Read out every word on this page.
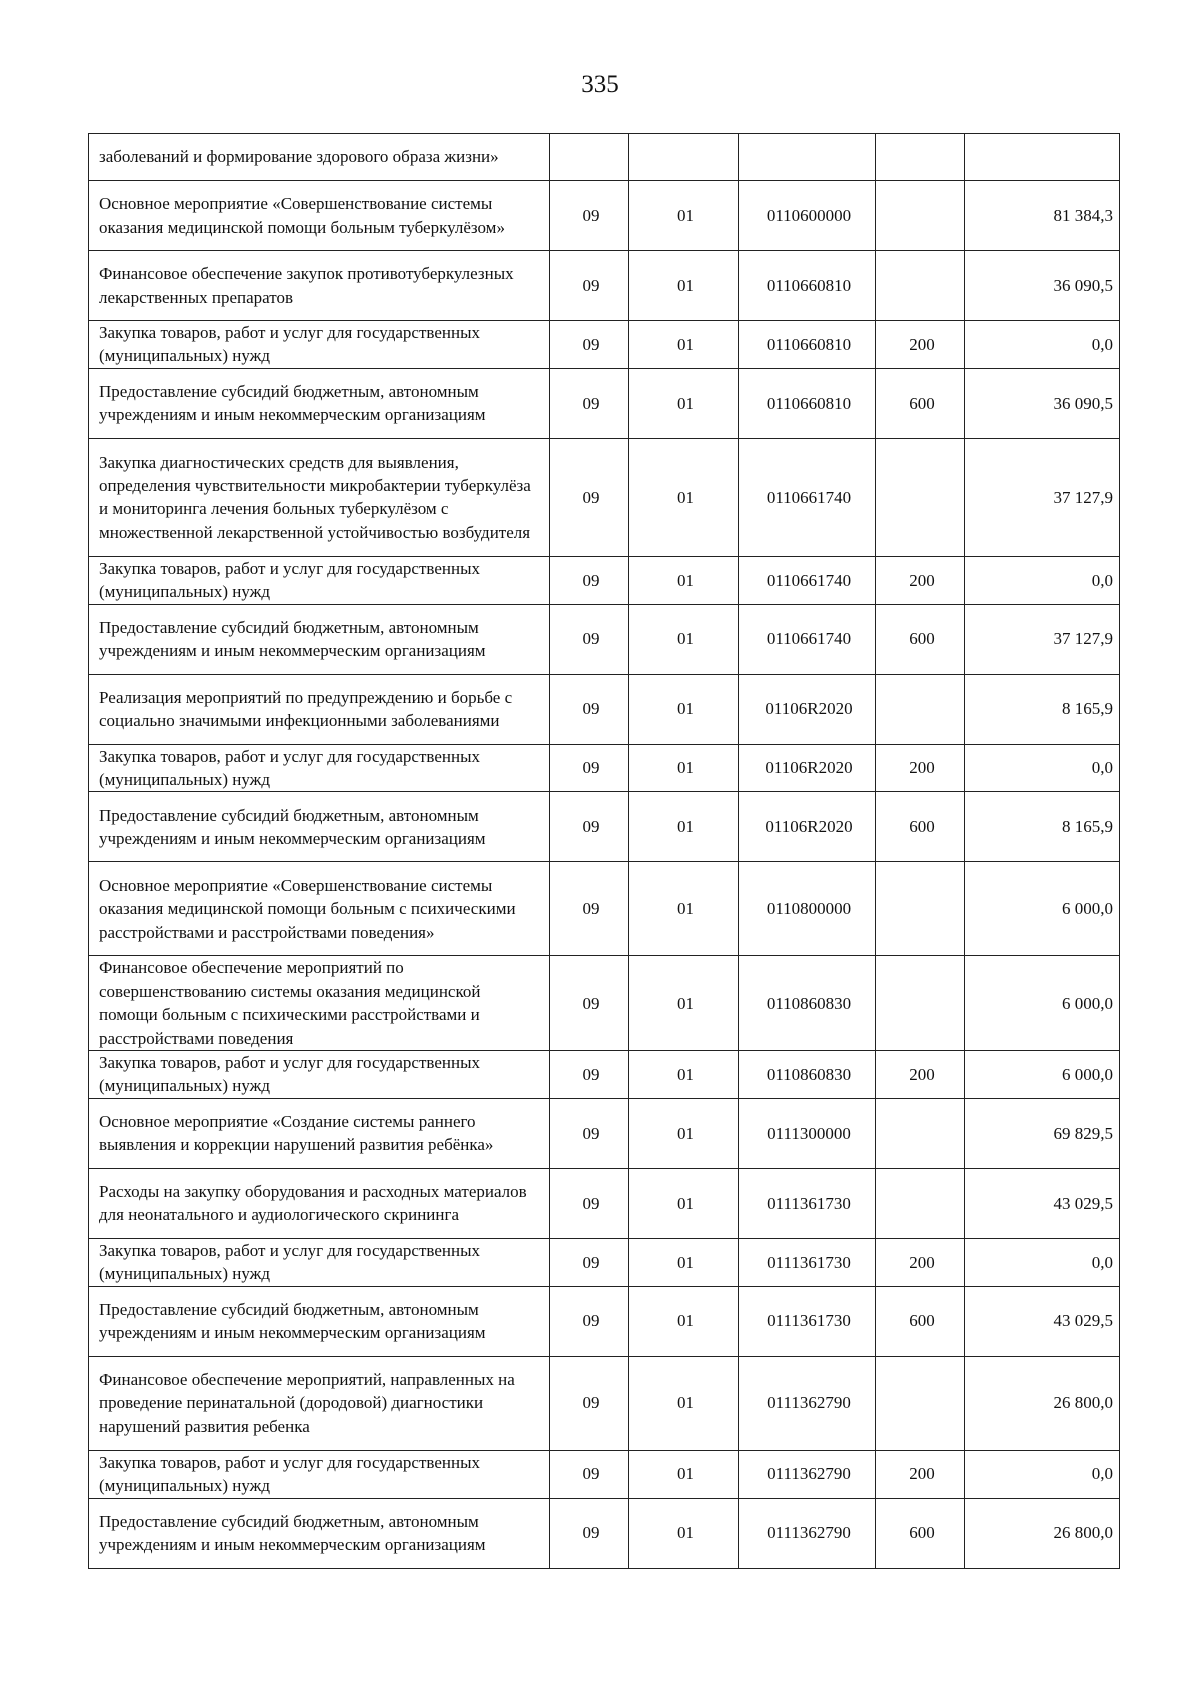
335
заболеваний и формирование здорового образа жизни»					
Основное мероприятие «Совершенствование системы оказания медицинской помощи больным туберкулёзом»	09	01	0110600000		81 384,3
Финансовое обеспечение закупок противотуберкулезных лекарственных препаратов	09	01	0110660810		36 090,5
Закупка товаров, работ и услуг для государственных (муниципальных) нужд	09	01	0110660810	200	0,0
Предоставление субсидий бюджетным, автономным учреждениям и иным некоммерческим организациям	09	01	0110660810	600	36 090,5
Закупка диагностических средств для выявления, определения чувствительности микробактерии туберкулёза и мониторинга лечения больных туберкулёзом с множественной лекарственной устойчивостью возбудителя	09	01	0110661740		37 127,9
Закупка товаров, работ и услуг для государственных (муниципальных) нужд	09	01	0110661740	200	0,0
Предоставление субсидий бюджетным, автономным учреждениям и иным некоммерческим организациям	09	01	0110661740	600	37 127,9
Реализация мероприятий по предупреждению и борьбе с социально значимыми инфекционными заболеваниями	09	01	01106R2020		8 165,9
Закупка товаров, работ и услуг для государственных (муниципальных) нужд	09	01	01106R2020	200	0,0
Предоставление субсидий бюджетным, автономным учреждениям и иным некоммерческим организациям	09	01	01106R2020	600	8 165,9
Основное мероприятие «Совершенствование системы оказания медицинской помощи больным с психическими расстройствами и расстройствами поведения»	09	01	0110800000		6 000,0
Финансовое обеспечение мероприятий по совершенствованию системы оказания медицинской помощи больным с психическими расстройствами и расстройствами поведения	09	01	0110860830		6 000,0
Закупка товаров, работ и услуг для государственных (муниципальных) нужд	09	01	0110860830	200	6 000,0
Основное мероприятие «Создание системы раннего выявления и коррекции нарушений развития ребёнка»	09	01	0111300000		69 829,5
Расходы на закупку оборудования и расходных материалов для неонатального и аудиологического скрининга	09	01	0111361730		43 029,5
Закупка товаров, работ и услуг для государственных (муниципальных) нужд	09	01	0111361730	200	0,0
Предоставление субсидий бюджетным, автономным учреждениям и иным некоммерческим организациям	09	01	0111361730	600	43 029,5
Финансовое обеспечение мероприятий, направленных на проведение перинатальной (дородовой) диагностики нарушений развития ребенка	09	01	0111362790		26 800,0
Закупка товаров, работ и услуг для государственных (муниципальных) нужд	09	01	0111362790	200	0,0
Предоставление субсидий бюджетным, автономным учреждениям и иным некоммерческим организациям	09	01	0111362790	600	26 800,0
